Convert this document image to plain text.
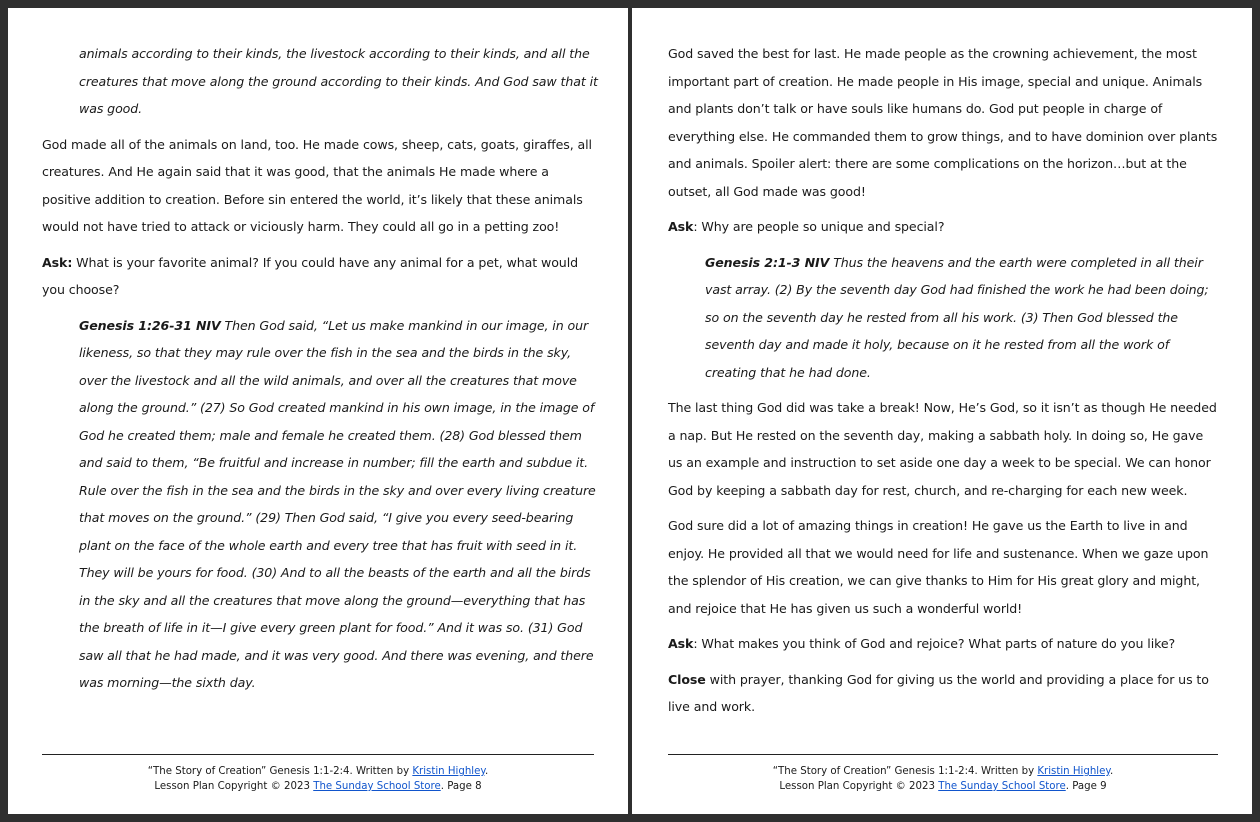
animals according to their kinds, the livestock according to their kinds, and all the creatures that move along the ground according to their kinds. And God saw that it was good.

God made all of the animals on land, too. He made cows, sheep, cats, goats, giraffes, all creatures. And He again said that it was good, that the animals He made where a positive addition to creation. Before sin entered the world, it’s likely that these animals would not have tried to attack or viciously harm. They could all go in a petting zoo!

Ask: What is your favorite animal? If you could have any animal for a pet, what would you choose?

Genesis 1:26-31 NIV Then God said, “Let us make mankind in our image, in our likeness, so that they may rule over the fish in the sea and the birds in the sky, over the livestock and all the wild animals, and over all the creatures that move along the ground.” (27) So God created mankind in his own image, in the image of God he created them; male and female he created them. (28) God blessed them and said to them, “Be fruitful and increase in number; fill the earth and subdue it. Rule over the fish in the sea and the birds in the sky and over every living creature that moves on the ground.” (29) Then God said, “I give you every seed-bearing plant on the face of the whole earth and every tree that has fruit with seed in it. They will be yours for food. (30) And to all the beasts of the earth and all the birds in the sky and all the creatures that move along the ground—everything that has the breath of life in it—I give every green plant for food.” And it was so. (31) God saw all that he had made, and it was very good. And there was evening, and there was morning—the sixth day.

“The Story of Creation” Genesis 1:1-2:4. Written by Kristin Highley.
Lesson Plan Copyright © 2023 The Sunday School Store. Page 8

God saved the best for last. He made people as the crowning achievement, the most important part of creation. He made people in His image, special and unique. Animals and plants don’t talk or have souls like humans do. God put people in charge of everything else. He commanded them to grow things, and to have dominion over plants and animals. Spoiler alert: there are some complications on the horizon…but at the outset, all God made was good!

Ask: Why are people so unique and special?

Genesis 2:1-3 NIV Thus the heavens and the earth were completed in all their vast array. (2) By the seventh day God had finished the work he had been doing; so on the seventh day he rested from all his work. (3) Then God blessed the seventh day and made it holy, because on it he rested from all the work of creating that he had done.

The last thing God did was take a break! Now, He’s God, so it isn’t as though He needed a nap. But He rested on the seventh day, making a sabbath holy. In doing so, He gave us an example and instruction to set aside one day a week to be special. We can honor God by keeping a sabbath day for rest, church, and re-charging for each new week.

God sure did a lot of amazing things in creation! He gave us the Earth to live in and enjoy. He provided all that we would need for life and sustenance. When we gaze upon the splendor of His creation, we can give thanks to Him for His great glory and might, and rejoice that He has given us such a wonderful world!

Ask: What makes you think of God and rejoice? What parts of nature do you like?

Close with prayer, thanking God for giving us the world and providing a place for us to live and work.

“The Story of Creation” Genesis 1:1-2:4. Written by Kristin Highley.
Lesson Plan Copyright © 2023 The Sunday School Store. Page 9
